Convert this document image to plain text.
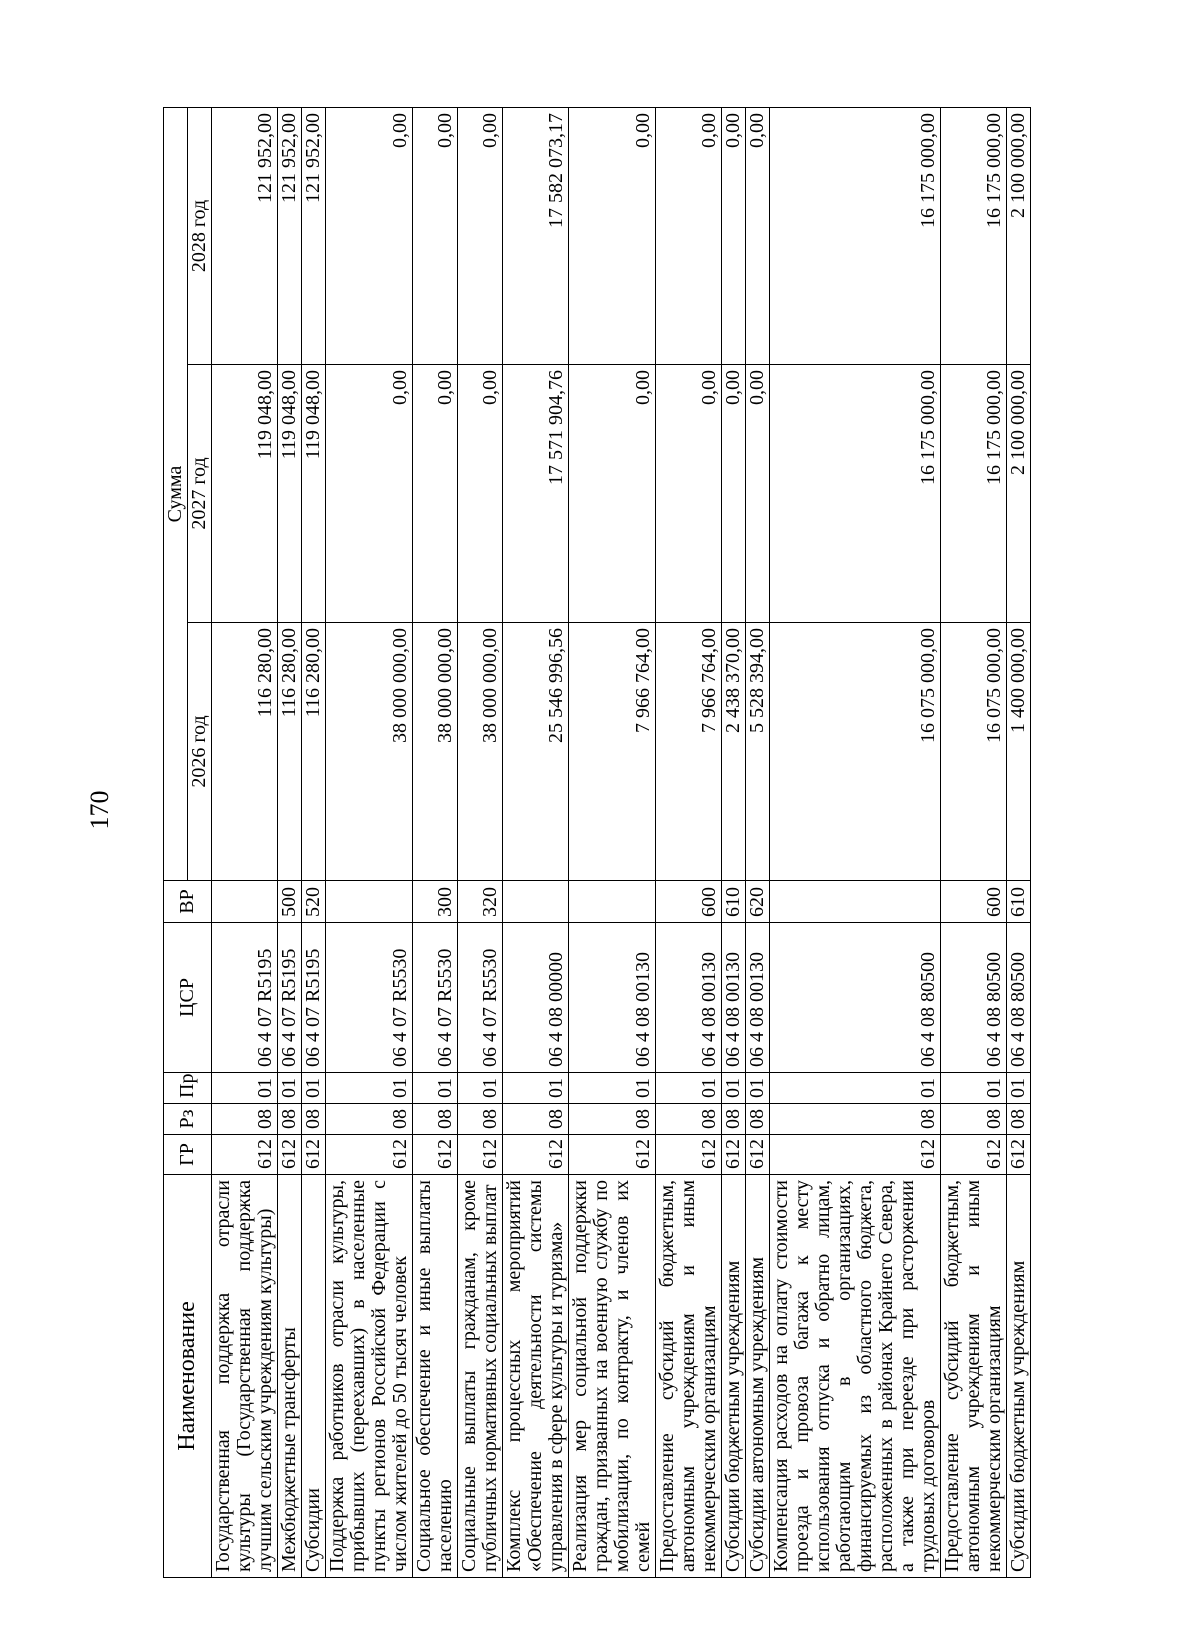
170
Наименование	ГР	Рз	Пр	ЦСР	ВР	Сумма		
						2026 год	2027 год	2028 год
Государственная поддержка отрасли культуры (Государственная поддержка лучшим сельским учреждениям культуры)	612	08	01	06 4 07 R5195		116 280,00	119 048,00	121 952,00
Межбюджетные трансферты	612	08	01	06 4 07 R5195	500	116 280,00	119 048,00	121 952,00
Субсидии	612	08	01	06 4 07 R5195	520	116 280,00	119 048,00	121 952,00
Поддержка работников отрасли культуры, прибывших (переехавших) в населенные пункты регионов Российской Федерации с числом жителей до 50 тысяч человек	612	08	01	06 4 07 R5530		38 000 000,00	0,00	0,00
Социальное обеспечение и иные выплаты населению	612	08	01	06 4 07 R5530	300	38 000 000,00	0,00	0,00
Социальные выплаты гражданам, кроме публичных нормативных социальных выплат	612	08	01	06 4 07 R5530	320	38 000 000,00	0,00	0,00
Комплекс процессных мероприятий «Обеспечение деятельности системы управления в сфере культуры и туризма»	612	08	01	06 4 08 00000		25 546 996,56	17 571 904,76	17 582 073,17
Реализация мер социальной поддержки граждан, призванных на военную службу по мобилизации, по контракту, и членов их семей	612	08	01	06 4 08 00130		7 966 764,00	0,00	0,00
Предоставление субсидий бюджетным, автономным учреждениям и иным некоммерческим организациям	612	08	01	06 4 08 00130	600	7 966 764,00	0,00	0,00
Субсидии бюджетным учреждениям	612	08	01	06 4 08 00130	610	2 438 370,00	0,00	0,00
Субсидии автономным учреждениям	612	08	01	06 4 08 00130	620	5 528 394,00	0,00	0,00
Компенсация расходов на оплату стоимости проезда и провоза багажа к месту использования отпуска и обратно лицам, работающим в организациях, финансируемых из областного бюджета, расположенных в районах Крайнего Севера, а также при переезде при расторжении трудовых договоров	612	08	01	06 4 08 80500		16 075 000,00	16 175 000,00	16 175 000,00
Предоставление субсидий бюджетным, автономным учреждениям и иным некоммерческим организациям	612	08	01	06 4 08 80500	600	16 075 000,00	16 175 000,00	16 175 000,00
Субсидии бюджетным учреждениям	612	08	01	06 4 08 80500	610	1 400 000,00	2 100 000,00	2 100 000,00
